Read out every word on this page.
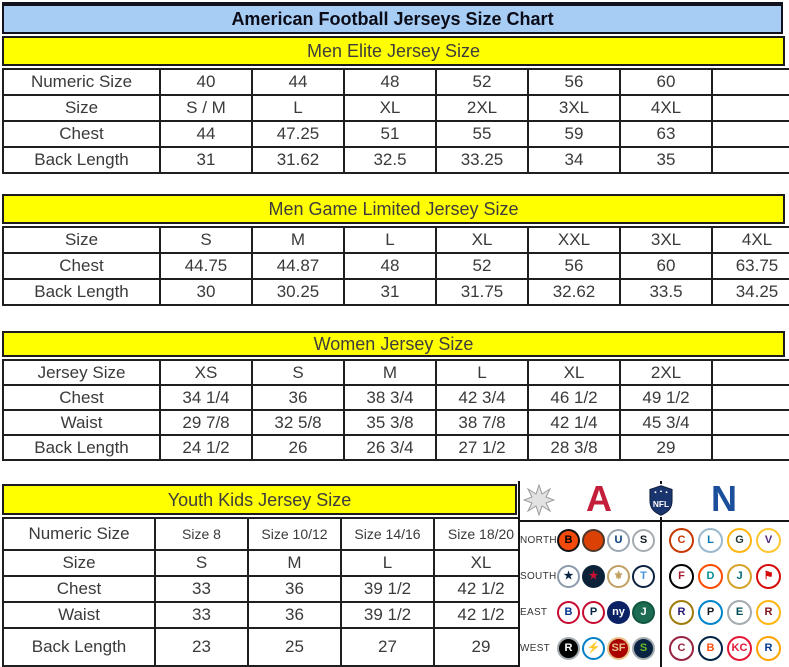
American Football Jerseys Size Chart
Men Elite Jersey Size
Numeric Size	40	44	48	52	56	60	
Size	S / M	L	XL	2XL	3XL	4XL	
Chest	44	47.25	51	55	59	63	
Back Length	31	31.62	32.5	33.25	34	35	
Men Game Limited Jersey Size
Size	S	M	L	XL	XXL	3XL	4XL
Chest	44.75	44.87	48	52	56	60	63.75
Back Length	30	30.25	31	31.75	32.62	33.5	34.25
Women Jersey Size
Jersey Size	XS	S	M	L	XL	2XL	
Chest	34 1/4	36	38 3/4	42 3/4	46 1/2	49 1/2	
Waist	29 7/8	32 5/8	35 3/8	38 7/8	42 1/4	45 3/4	
Back Length	24 1/2	26	26 3/4	27 1/2	28 3/8	29	
Youth Kids Jersey Size
Numeric Size	Size 8	Size 10/12	Size 14/16	Size 18/20
Size	S	M	L	XL
Chest	33	36	39 1/2	42 1/2
Waist	33	36	39 1/2	42 1/2
Back Length	23	25	27	29
A	NFL N
NORTH B	U	S	C	L	G	V
SOUTH ★	★	⚜	T	F	D	J	⚑
EAST	B	P	ny	J	R	P	E	R
WEST	R	⚡	SF	S	C	B	KC	R
